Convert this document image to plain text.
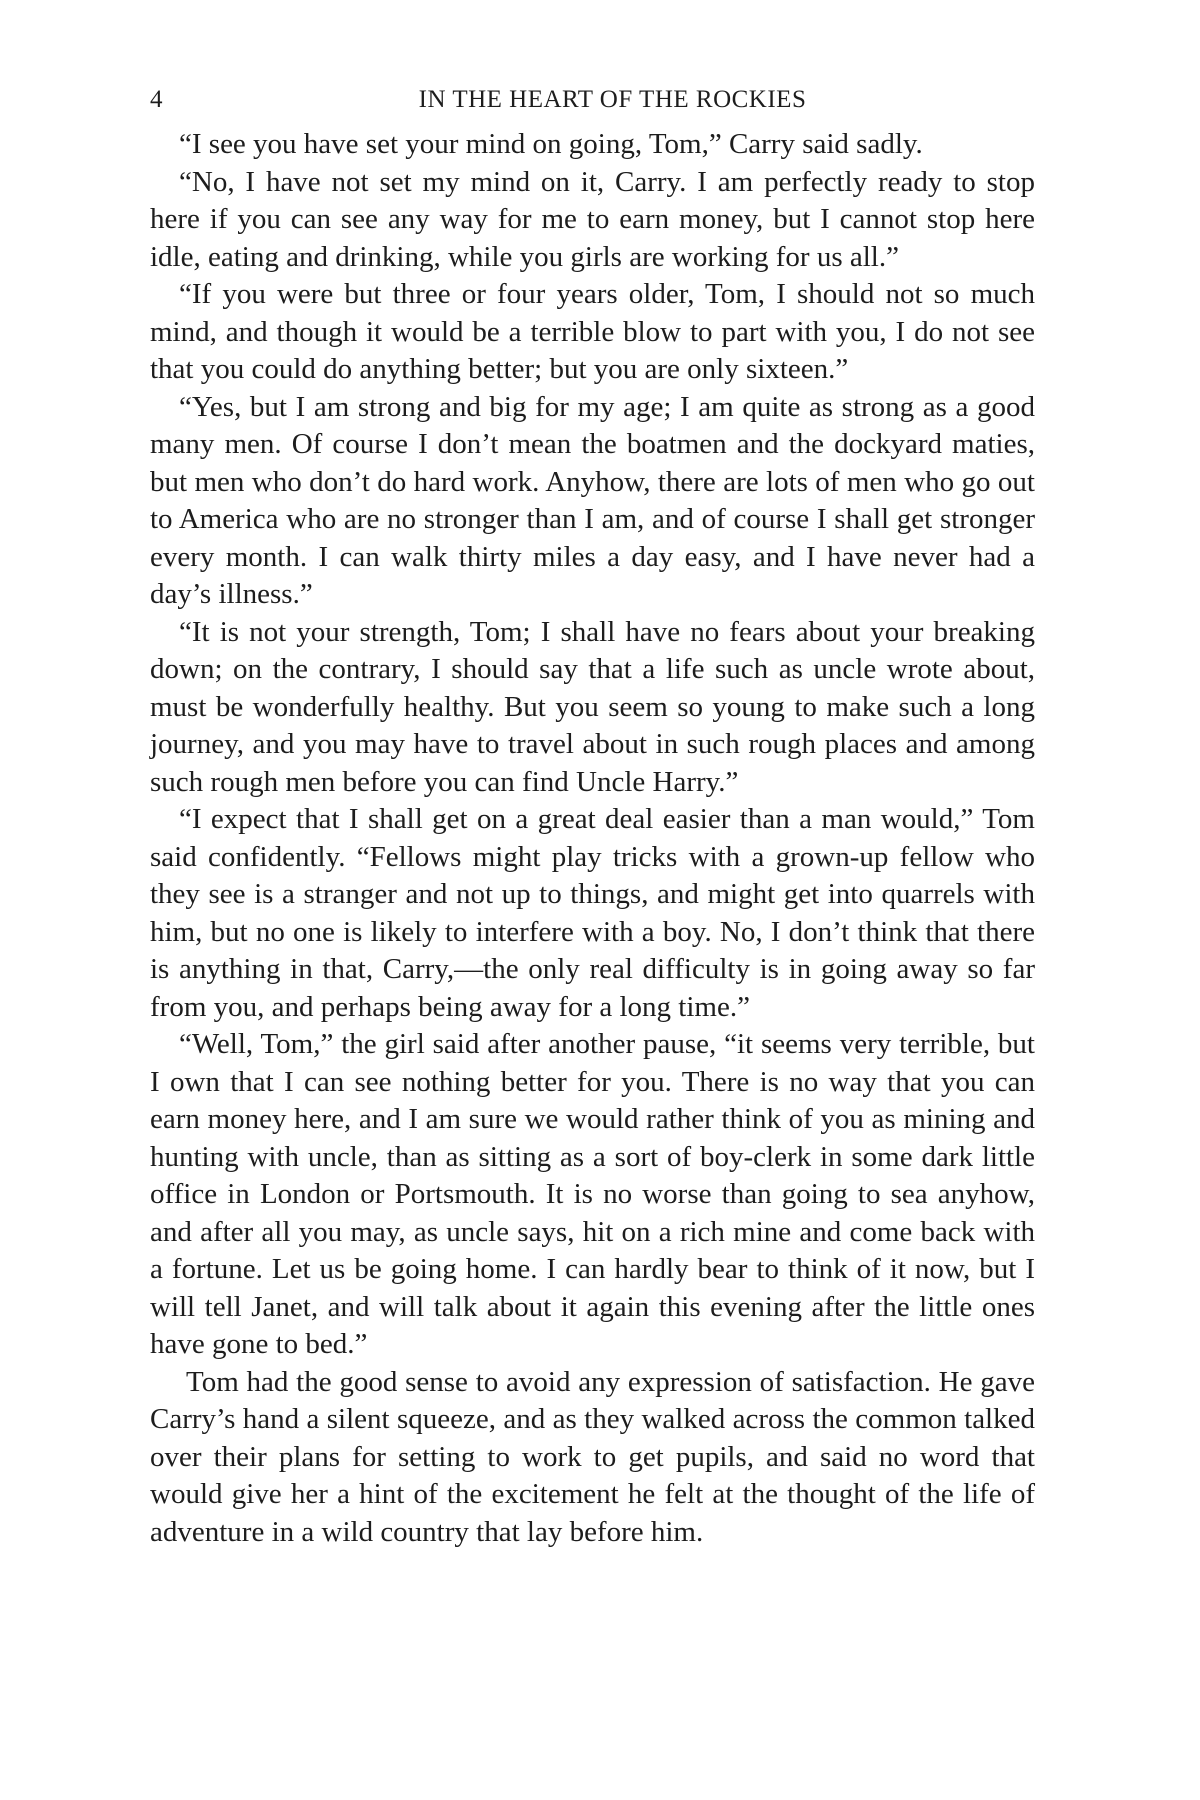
4	IN THE HEART OF THE ROCKIES

“I see you have set your mind on going, Tom,” Carry said sadly.

“No, I have not set my mind on it, Carry. I am perfectly ready to stop here if you can see any way for me to earn money, but I cannot stop here idle, eating and drinking, while you girls are working for us all.”

“If you were but three or four years older, Tom, I should not so much mind, and though it would be a terrible blow to part with you, I do not see that you could do anything better; but you are only sixteen.”

“Yes, but I am strong and big for my age; I am quite as strong as a good many men. Of course I don’t mean the boatmen and the dockyard maties, but men who don’t do hard work. Anyhow, there are lots of men who go out to America who are no stronger than I am, and of course I shall get stronger every month. I can walk thirty miles a day easy, and I have never had a day’s illness.”

“It is not your strength, Tom; I shall have no fears about your breaking down; on the contrary, I should say that a life such as uncle wrote about, must be wonderfully healthy. But you seem so young to make such a long journey, and you may have to travel about in such rough places and among such rough men before you can find Uncle Harry.”

“I expect that I shall get on a great deal easier than a man would,” Tom said confidently. “Fellows might play tricks with a grown-up fellow who they see is a stranger and not up to things, and might get into quarrels with him, but no one is likely to interfere with a boy. No, I don’t think that there is anything in that, Carry,—the only real difficulty is in going away so far from you, and perhaps being away for a long time.”

“Well, Tom,” the girl said after another pause, “it seems very terrible, but I own that I can see nothing better for you. There is no way that you can earn money here, and I am sure we would rather think of you as mining and hunting with uncle, than as sitting as a sort of boy-clerk in some dark little office in London or Portsmouth. It is no worse than going to sea anyhow, and after all you may, as uncle says, hit on a rich mine and come back with a fortune. Let us be going home. I can hardly bear to think of it now, but I will tell Janet, and will talk about it again this evening after the little ones have gone to bed.”

Tom had the good sense to avoid any expression of satisfaction. He gave Carry’s hand a silent squeeze, and as they walked across the common talked over their plans for setting to work to get pupils, and said no word that would give her a hint of the excitement he felt at the thought of the life of adventure in a wild country that lay before him.
